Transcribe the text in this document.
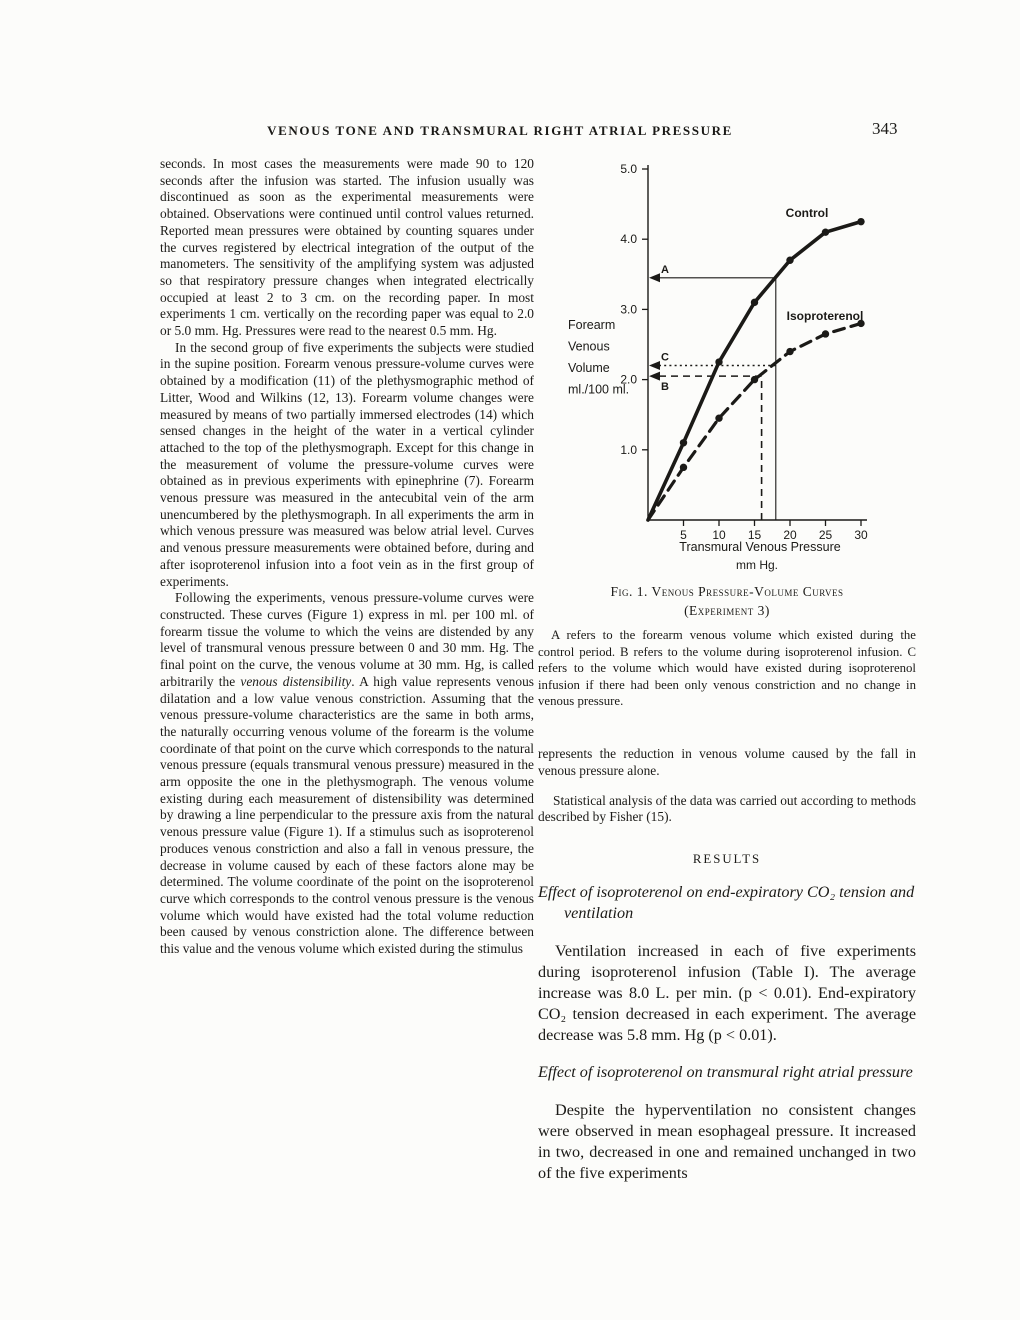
VENOUS TONE AND TRANSMURAL RIGHT ATRIAL PRESSURE	343

seconds. In most cases the measurements were made 90 to 120 seconds after the infusion was started. The infusion usually was discontinued as soon as the experimental measurements were obtained. Observations were continued until control values returned. Reported mean pressures were obtained by counting squares under the curves registered by electrical integration of the output of the manometers. The sensitivity of the amplifying system was adjusted so that respiratory pressure changes when integrated electrically occupied at least 2 to 3 cm. on the recording paper. In most experiments 1 cm. vertically on the recording paper was equal to 2.0 or 5.0 mm. Hg. Pressures were read to the nearest 0.5 mm. Hg.

In the second group of five experiments the subjects were studied in the supine position. Forearm venous pressure-volume curves were obtained by a modification (11) of the plethysmographic method of Litter, Wood and Wilkins (12, 13). Forearm volume changes were measured by means of two partially immersed electrodes (14) which sensed changes in the height of the water in a vertical cylinder attached to the top of the plethysmograph. Except for this change in the measurement of volume the pressure-volume curves were obtained as in previous experiments with epinephrine (7). Forearm venous pressure was measured in the antecubital vein of the arm unencumbered by the plethysmograph. In all experiments the arm in which venous pressure was measured was below atrial level. Curves and venous pressure measurements were obtained before, during and after isoproterenol infusion into a foot vein as in the first group of experiments.

Following the experiments, venous pressure-volume curves were constructed. These curves (Figure 1) express in ml. per 100 ml. of forearm tissue the volume to which the veins are distended by any level of transmural venous pressure between 0 and 30 mm. Hg. The final point on the curve, the venous volume at 30 mm. Hg, is called arbitrarily the venous distensibility. A high value represents venous dilatation and a low value venous constriction. Assuming that the venous pressure-volume characteristics are the same in both arms, the naturally occurring venous volume of the forearm is the volume coordinate of that point on the curve which corresponds to the natural venous pressure (equals transmural venous pressure) measured in the arm opposite the one in the plethysmograph. The venous volume existing during each measurement of distensibility was determined by drawing a line perpendicular to the pressure axis from the natural venous pressure value (Figure 1). If a stimulus such as isoproterenol produces venous constriction and also a fall in venous pressure, the decrease in volume caused by each of these factors alone may be determined. The volume coordinate of the point on the isoproterenol curve which corresponds to the control venous pressure is the venous volume which would have existed had the total volume reduction been caused by venous constriction alone. The difference between this value and the venous volume which existed during the stimulus

1.0
2.0
3.0
4.0
5.0
5 10 15 20 25 30
Forearm
Venous
Volume
ml./100 ml.
Transmural Venous Pressure
mm Hg.
A
C
B
Control
Isoproterenol
Fig. 1. Venous Pressure-Volume Curves
(Experiment 3)

A refers to the forearm venous volume which existed during the control period. B refers to the volume during isoproterenol infusion. C refers to the volume which would have existed during isoproterenol infusion if there had been only venous constriction and no change in venous pressure.

represents the reduction in venous volume caused by the fall in venous pressure alone.

Statistical analysis of the data was carried out according to methods described by Fisher (15).

RESULTS

Effect of isoproterenol on end-expiratory CO₂ tension and ventilation

Ventilation increased in each of five experiments during isoproterenol infusion (Table I). The average increase was 8.0 L. per min. (p < 0.01). End-expiratory CO₂ tension decreased in each experiment. The average decrease was 5.8 mm. Hg (p < 0.01).

Effect of isoproterenol on transmural right atrial pressure

Despite the hyperventilation no consistent changes were observed in mean esophageal pressure. It increased in two, decreased in one and remained unchanged in two of the five experiments
